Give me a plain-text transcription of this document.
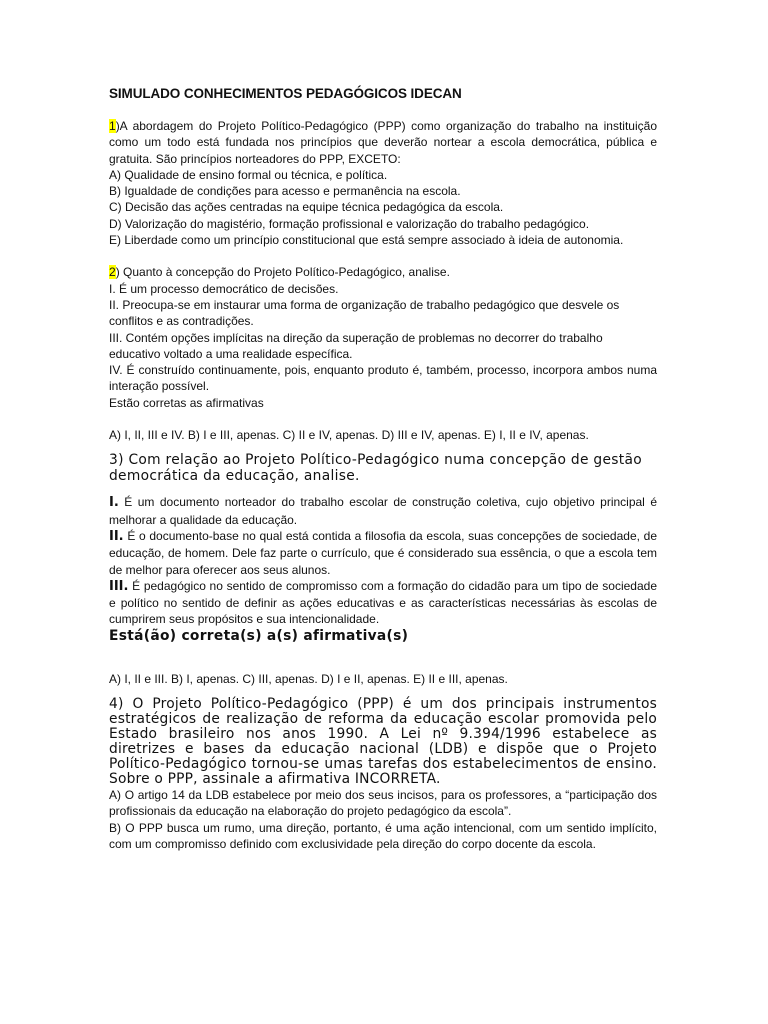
SIMULADO CONHECIMENTOS PEDAGÓGICOS IDECAN

1)A abordagem do Projeto Político-Pedagógico (PPP) como organização do trabalho na instituição como um todo está fundada nos princípios que deverão nortear a escola democrática, pública e gratuita. São princípios norteadores do PPP, EXCETO:

A) Qualidade de ensino formal ou técnica, e política.

B) Igualdade de condições para acesso e permanência na escola.

C) Decisão das ações centradas na equipe técnica pedagógica da escola.

D) Valorização do magistério, formação profissional e valorização do trabalho pedagógico.

E) Liberdade como um princípio constitucional que está sempre associado à ideia de autonomia.

2) Quanto à concepção do Projeto Político-Pedagógico, analise.

I. É um processo democrático de decisões.

II. Preocupa-se em instaurar uma forma de organização de trabalho pedagógico que desvele os conflitos e as contradições.

III. Contém opções implícitas na direção da superação de problemas no decorrer do trabalho educativo voltado a uma realidade específica.

IV. É construído continuamente, pois, enquanto produto é, também, processo, incorpora ambos numa interação possível.

Estão corretas as afirmativas

A) I, II, III e IV. B) I e III, apenas. C) II e IV, apenas. D) III e IV, apenas. E) I, II e IV, apenas.

3) Com relação ao Projeto Político-Pedagógico numa concepção de gestão democrática da educação, analise.

I. É um documento norteador do trabalho escolar de construção coletiva, cujo objetivo principal é melhorar a qualidade da educação.

II. É o documento-base no qual está contida a filosofia da escola, suas concepções de sociedade, de educação, de homem. Dele faz parte o currículo, que é considerado sua essência, o que a escola tem de melhor para oferecer aos seus alunos.

III. É pedagógico no sentido de compromisso com a formação do cidadão para um tipo de sociedade e político no sentido de definir as ações educativas e as características necessárias às escolas de cumprirem seus propósitos e sua intencionalidade.

Está(ão) correta(s) a(s) afirmativa(s)

A) I, II e III. B) I, apenas. C) III, apenas. D) I e II, apenas. E) II e III, apenas.

4) O Projeto Político-Pedagógico (PPP) é um dos principais instrumentos estratégicos de realização de reforma da educação escolar promovida pelo Estado brasileiro nos anos 1990. A Lei nº 9.394/1996 estabelece as diretrizes e bases da educação nacional (LDB) e dispõe que o Projeto Político-Pedagógico tornou-se umas tarefas dos estabelecimentos de ensino. Sobre o PPP, assinale a afirmativa INCORRETA.

A) O artigo 14 da LDB estabelece por meio dos seus incisos, para os professores, a “participação dos profissionais da educação na elaboração do projeto pedagógico da escola”.

B) O PPP busca um rumo, uma direção, portanto, é uma ação intencional, com um sentido implícito, com um compromisso definido com exclusividade pela direção do corpo docente da escola.
